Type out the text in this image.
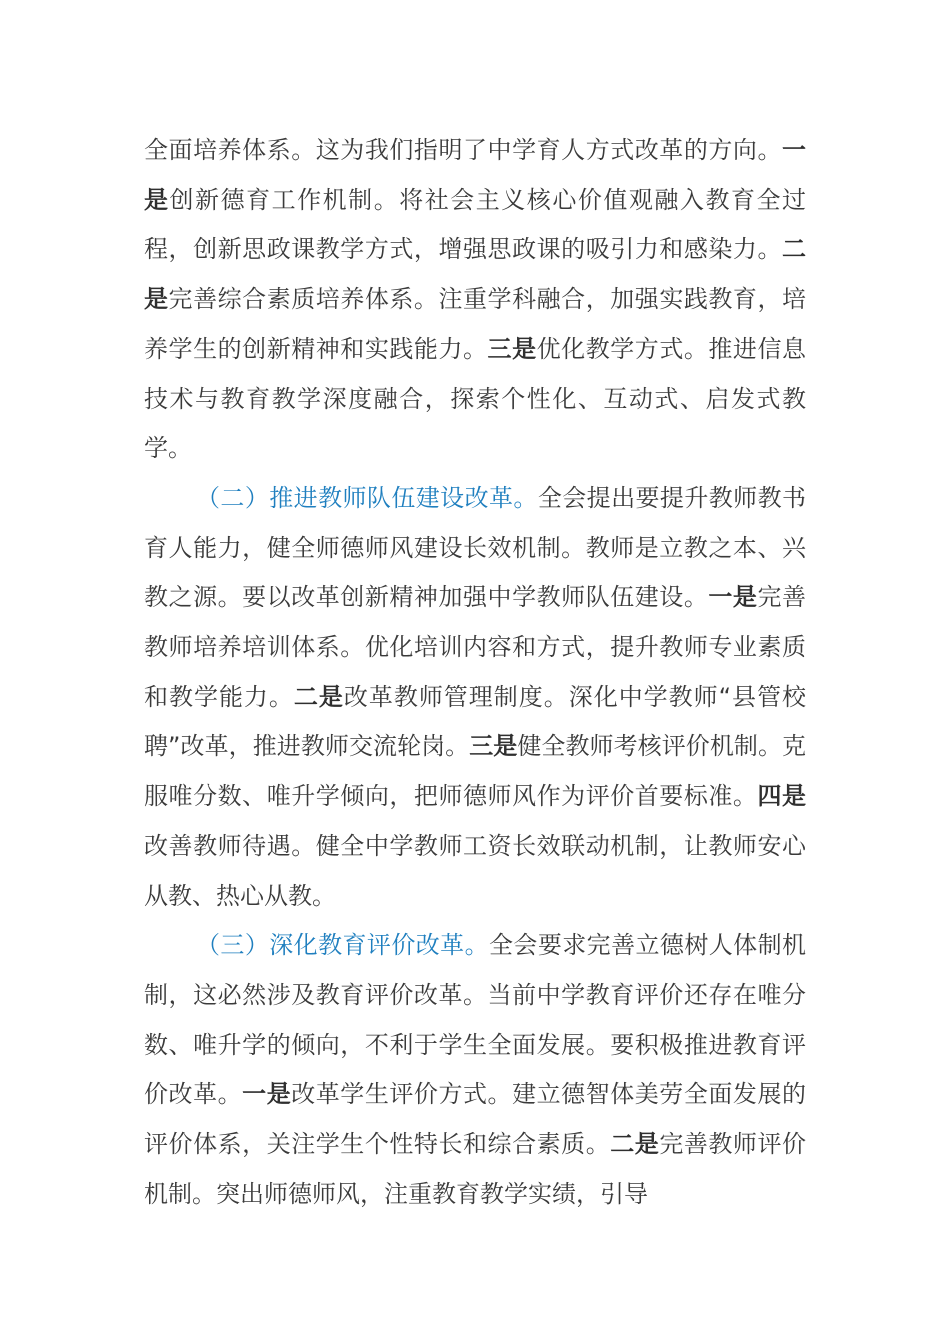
全面培养体系。这为我们指明了中学育人方式改革的方向。一是创新德育工作机制。将社会主义核心价值观融入教育全过程，创新思政课教学方式，增强思政课的吸引力和感染力。二是完善综合素质培养体系。注重学科融合，加强实践教育，培养学生的创新精神和实践能力。三是优化教学方式。推进信息技术与教育教学深度融合，探索个性化、互动式、启发式教学。

（二）推进教师队伍建设改革。全会提出要提升教师教书育人能力，健全师德师风建设长效机制。教师是立教之本、兴教之源。要以改革创新精神加强中学教师队伍建设。一是完善教师培养培训体系。优化培训内容和方式，提升教师专业素质和教学能力。二是改革教师管理制度。深化中学教师“县管校聘”改革，推进教师交流轮岗。三是健全教师考核评价机制。克服唯分数、唯升学倾向，把师德师风作为评价首要标准。四是改善教师待遇。健全中学教师工资长效联动机制，让教师安心从教、热心从教。

（三）深化教育评价改革。全会要求完善立德树人体制机制，这必然涉及教育评价改革。当前中学教育评价还存在唯分数、唯升学的倾向，不利于学生全面发展。要积极推进教育评价改革。一是改革学生评价方式。建立德智体美劳全面发展的评价体系，关注学生个性特长和综合素质。二是完善教师评价机制。突出师德师风，注重教育教学实绩，引导
